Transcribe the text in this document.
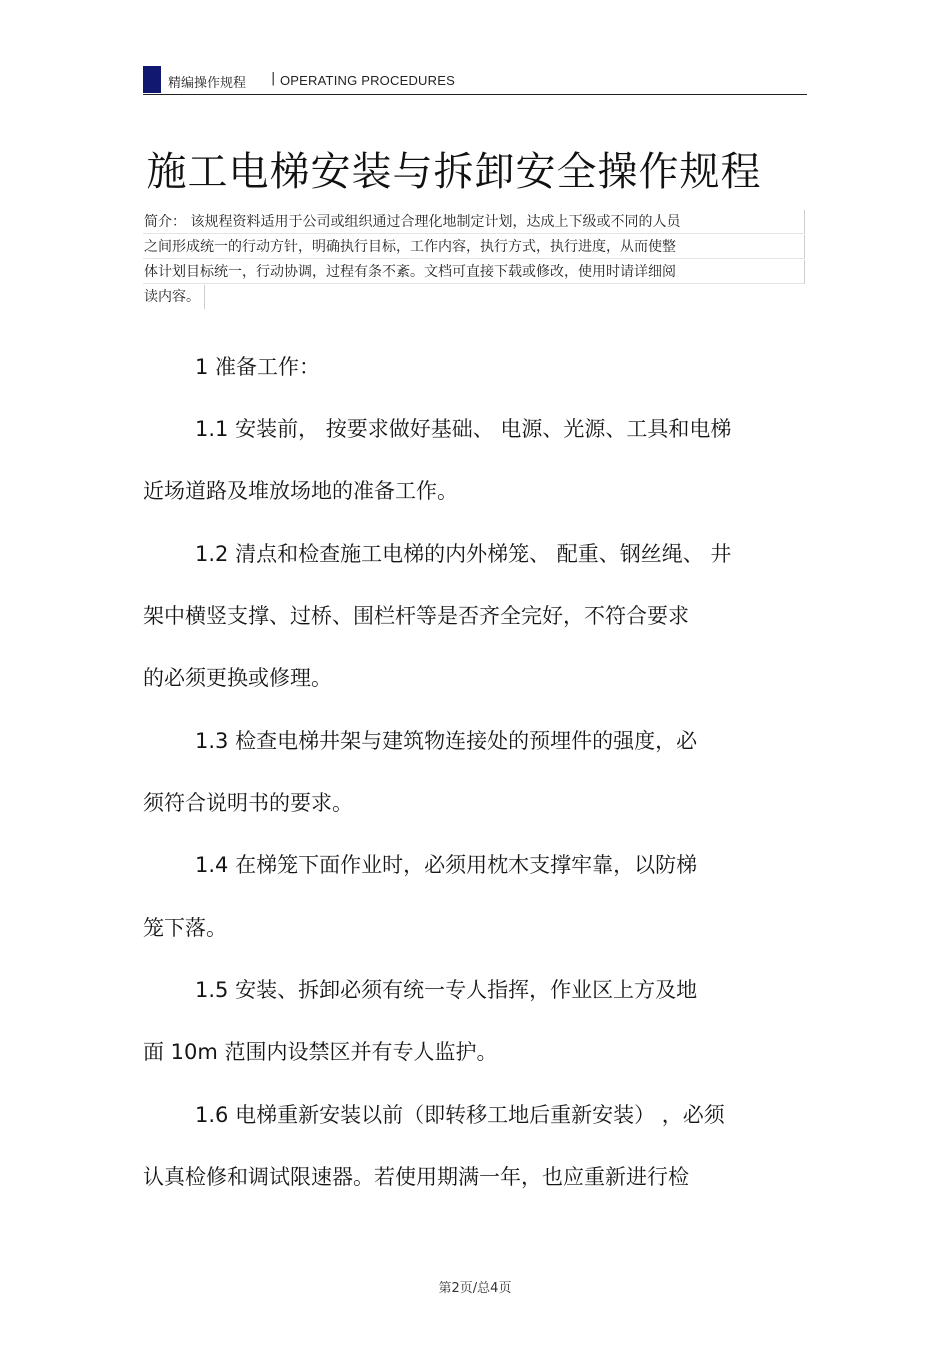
精编操作规程 | OPERATING PROCEDURES
施工电梯安装与拆卸安全操作规程
简介： 该规程资料适用于公司或组织通过合理化地制定计划，达成上下级或不同的人员
之间形成统一的行动方针，明确执行目标，工作内容，执行方式，执行进度，从而使整
体计划目标统一，行动协调，过程有条不紊。文档可直接下载或修改，使用时请详细阅
读内容。
1 准备工作：
1.1 安装前， 按要求做好基础、 电源、光源、工具和电梯
近场道路及堆放场地的准备工作。
1.2 清点和检查施工电梯的内外梯笼、 配重、钢丝绳、 井
架中横竖支撑、过桥、围栏杆等是否齐全完好，不符合要求
的必须更换或修理。
1.3 检查电梯井架与建筑物连接处的预埋件的强度，必
须符合说明书的要求。
1.4 在梯笼下面作业时，必须用枕木支撑牢靠，以防梯
笼下落。
1.5 安装、拆卸必须有统一专人指挥，作业区上方及地
面 10m 范围内设禁区并有专人监护。
1.6 电梯重新安装以前（即转移工地后重新安装） ，必须
认真检修和调试限速器。若使用期满一年，也应重新进行检
第2页/总4页
